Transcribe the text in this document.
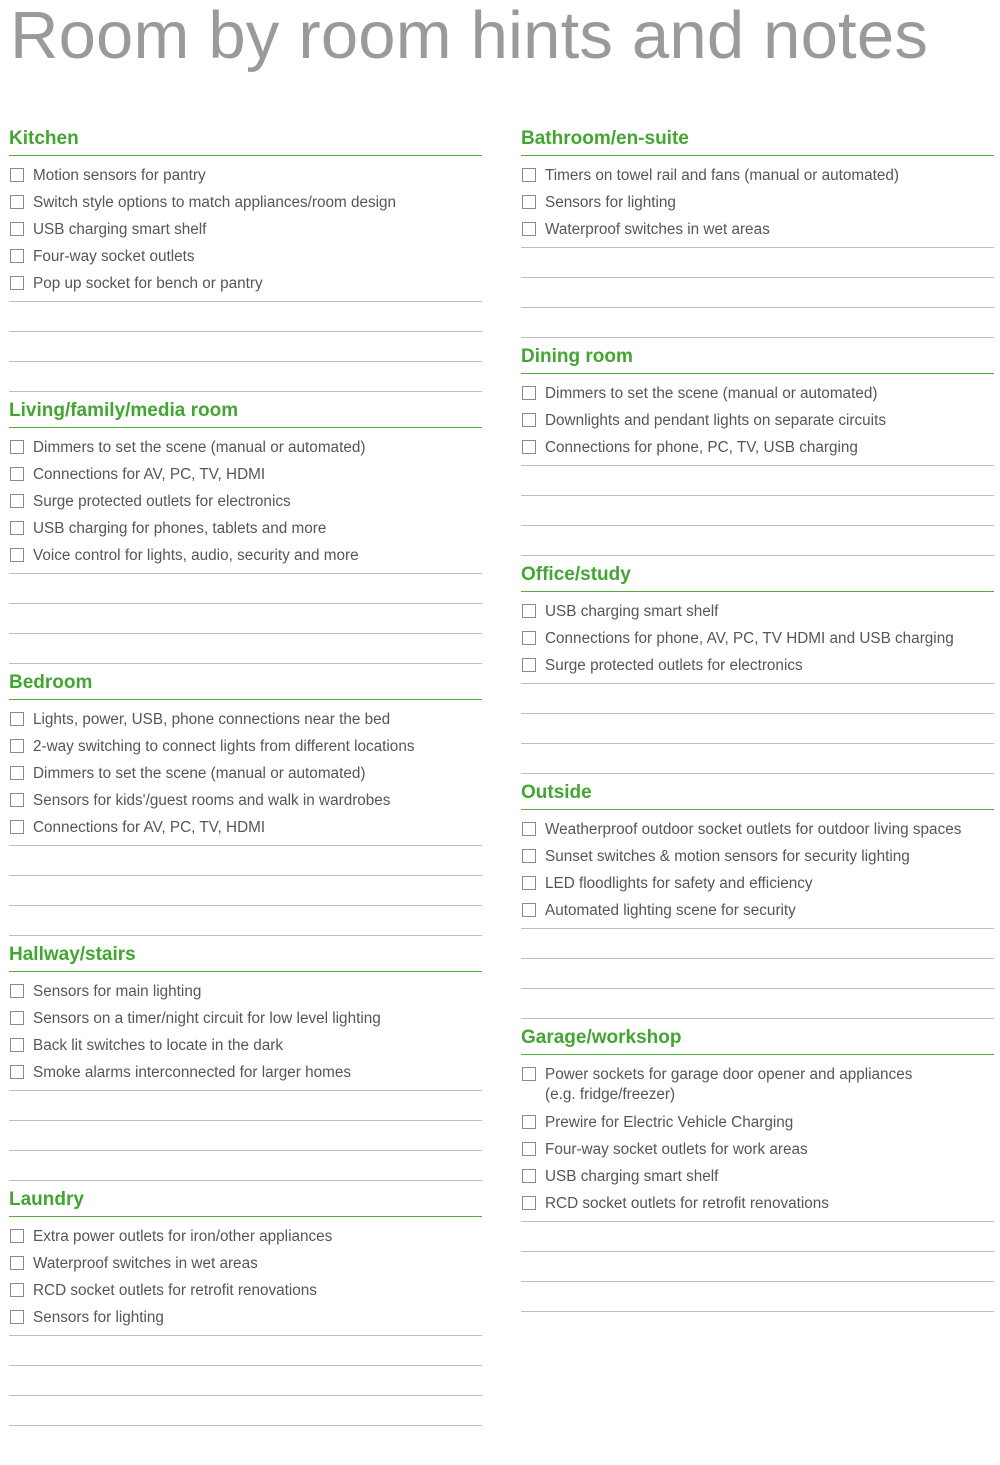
Room by room hints and notes
Kitchen
Motion sensors for pantry
Switch style options to match appliances/room design
USB charging smart shelf
Four-way socket outlets
Pop up socket for bench or pantry
Living/family/media room
Dimmers to set the scene (manual or automated)
Connections for AV, PC, TV, HDMI
Surge protected outlets for electronics
USB charging for phones, tablets and more
Voice control for lights, audio, security and more
Bedroom
Lights, power, USB, phone connections near the bed
2-way switching to connect lights from different locations
Dimmers to set the scene (manual or automated)
Sensors for kids'/guest rooms and walk in wardrobes
Connections for AV, PC, TV, HDMI
Hallway/stairs
Sensors for main lighting
Sensors on a timer/night circuit for low level lighting
Back lit switches to locate in the dark
Smoke alarms interconnected for larger homes
Laundry
Extra power outlets for iron/other appliances
Waterproof switches in wet areas
RCD socket outlets for retrofit renovations
Sensors for lighting
Bathroom/en-suite
Timers on towel rail and fans (manual or automated)
Sensors for lighting
Waterproof switches in wet areas
Dining room
Dimmers to set the scene (manual or automated)
Downlights and pendant lights on separate circuits
Connections for phone, PC, TV, USB charging
Office/study
USB charging smart shelf
Connections for phone, AV, PC, TV HDMI and USB charging
Surge protected outlets for electronics
Outside
Weatherproof outdoor socket outlets for outdoor living spaces
Sunset switches & motion sensors for security lighting
LED floodlights for safety and efficiency
Automated lighting scene for security
Garage/workshop
Power sockets for garage door opener and appliances
(e.g. fridge/freezer)
Prewire for Electric Vehicle Charging
Four-way socket outlets for work areas
USB charging smart shelf
RCD socket outlets for retrofit renovations
